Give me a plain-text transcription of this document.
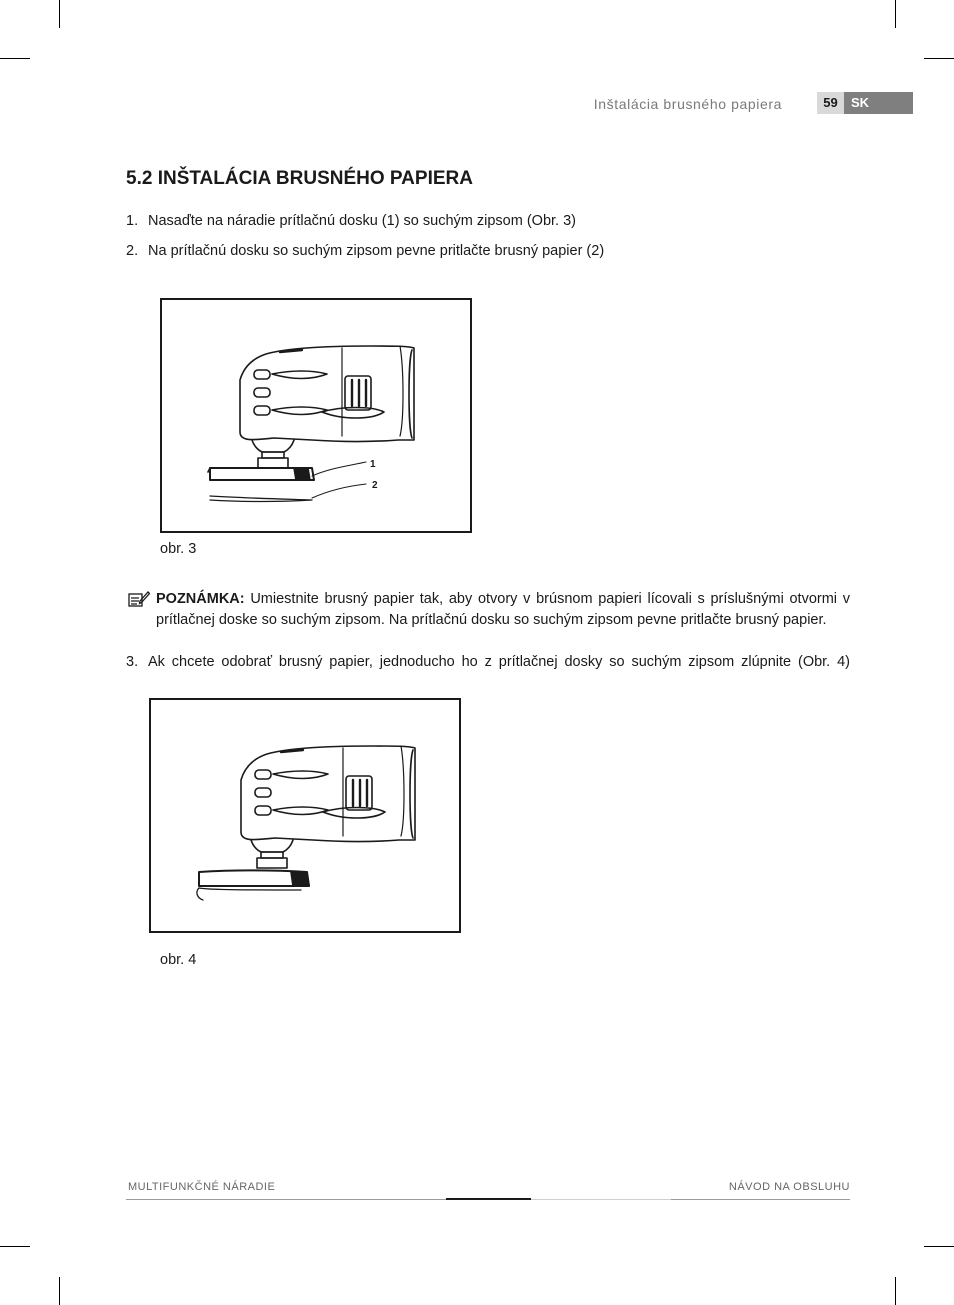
Inštalácia brusného papiera	59	SK
5.2 INŠTALÁCIA BRUSNÉHO PAPIERA
1. Nasaďte na náradie prítlačnú dosku (1) so suchým zipsom (Obr. 3)
2. Na prítlačnú dosku so suchým zipsom pevne pritlačte brusný papier (2)
1
2
obr. 3
POZNÁMKA: Umiestnite brusný papier tak, aby otvory v brúsnom papieri lícovali s príslušnými otvormi v prítlačnej doske so suchým zipsom. Na prítlačnú dosku so suchým zipsom pevne pritlačte brusný papier.
3. Ak chcete odobrať brusný papier, jednoducho ho z prítlačnej dosky so suchým zipsom zlúpnite (Obr. 4)
obr. 4
MULTIFUNKČNÉ NÁRADIE	NÁVOD NA OBSLUHU
